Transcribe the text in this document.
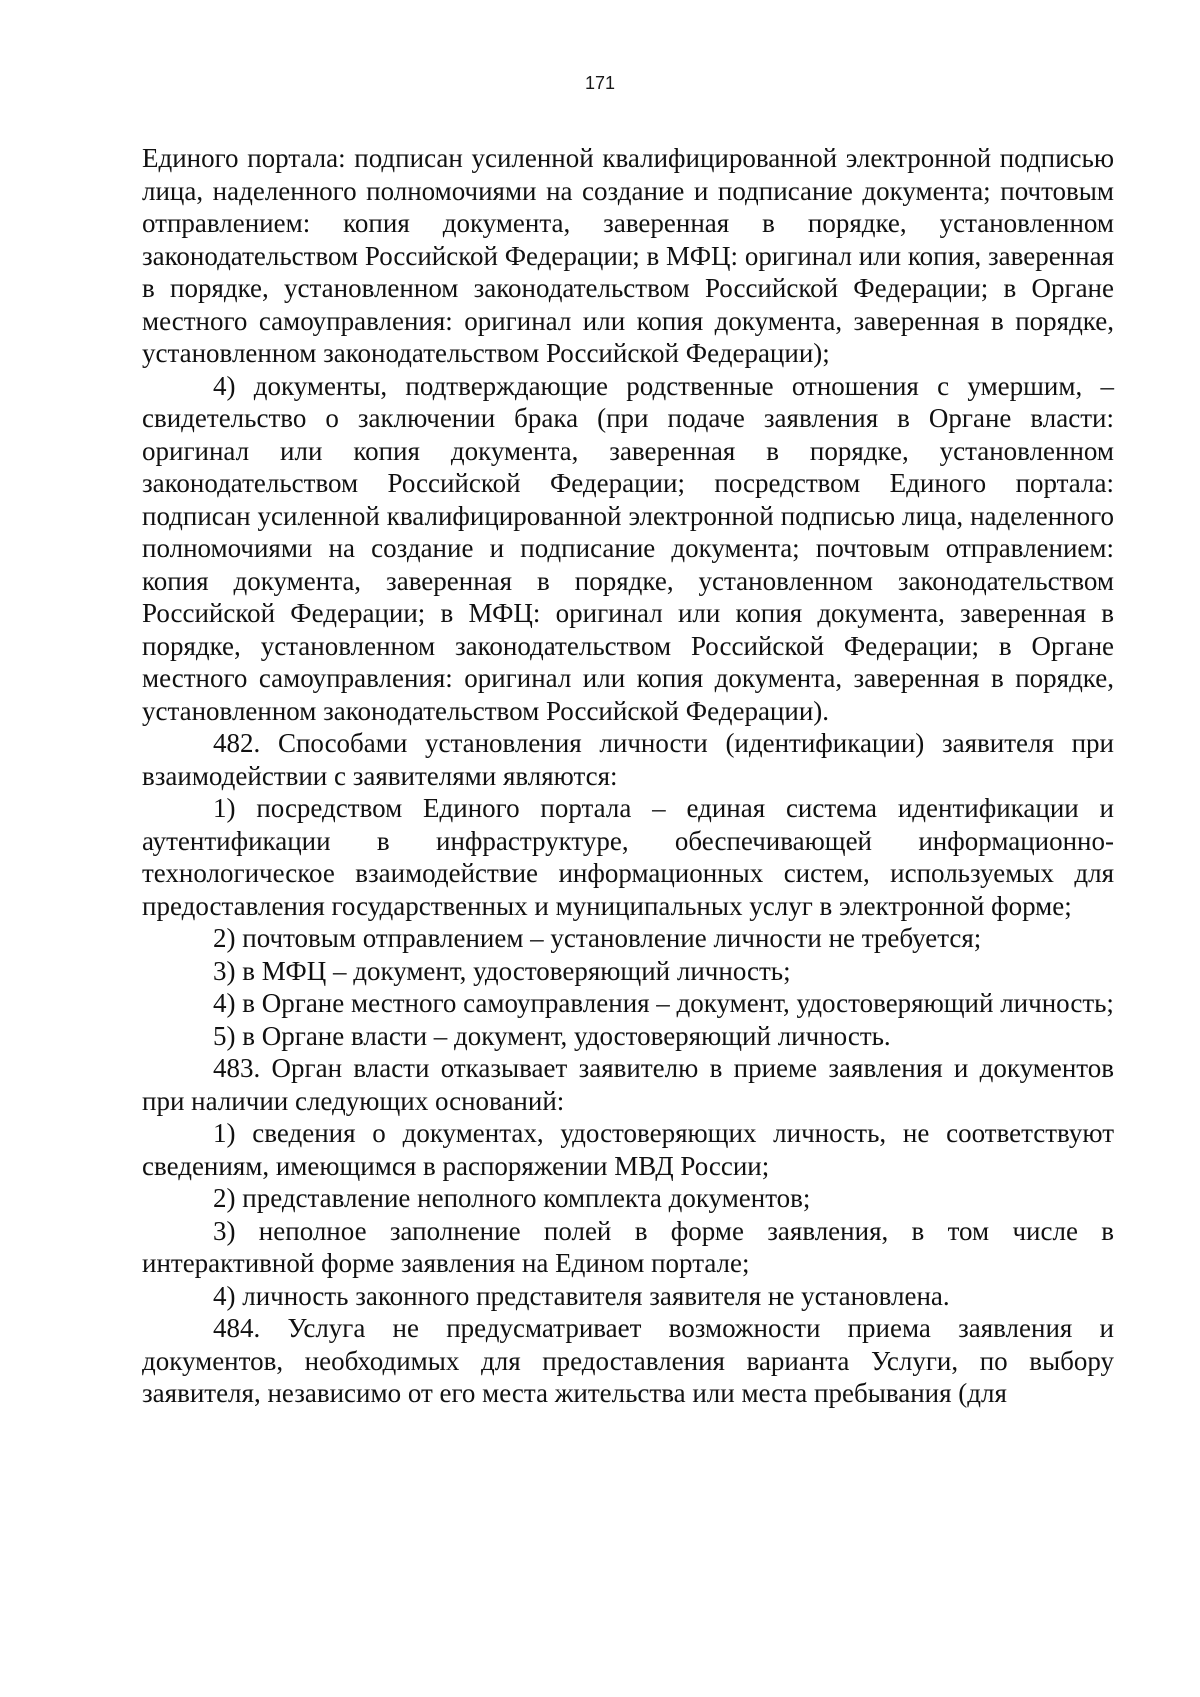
171

Единого портала: подписан усиленной квалифицированной электронной подписью лица, наделенного полномочиями на создание и подписание документа; почтовым отправлением: копия документа, заверенная в порядке, установленном законодательством Российской Федерации; в МФЦ: оригинал или копия, заверенная в порядке, установленном законодательством Российской Федерации; в Органе местного самоуправления: оригинал или копия документа, заверенная в порядке, установленном законодательством Российской Федерации);

4) документы, подтверждающие родственные отношения с умершим, – свидетельство о заключении брака (при подаче заявления в Органе власти: оригинал или копия документа, заверенная в порядке, установленном законодательством Российской Федерации; посредством Единого портала: подписан усиленной квалифицированной электронной подписью лица, наделенного полномочиями на создание и подписание документа; почтовым отправлением: копия документа, заверенная в порядке, установленном законодательством Российской Федерации; в МФЦ: оригинал или копия документа, заверенная в порядке, установленном законодательством Российской Федерации; в Органе местного самоуправления: оригинал или копия документа, заверенная в порядке, установленном законодательством Российской Федерации).

482. Способами установления личности (идентификации) заявителя при взаимодействии с заявителями являются:

1) посредством Единого портала – единая система идентификации и аутентификации в инфраструктуре, обеспечивающей информационно-технологическое взаимодействие информационных систем, используемых для предоставления государственных и муниципальных услуг в электронной форме;

2) почтовым отправлением – установление личности не требуется;

3) в МФЦ – документ, удостоверяющий личность;

4) в Органе местного самоуправления – документ, удостоверяющий личность;

5) в Органе власти – документ, удостоверяющий личность.

483. Орган власти отказывает заявителю в приеме заявления и документов при наличии следующих оснований:

1) сведения о документах, удостоверяющих личность, не соответствуют сведениям, имеющимся в распоряжении МВД России;

2) представление неполного комплекта документов;

3) неполное заполнение полей в форме заявления, в том числе в интерактивной форме заявления на Едином портале;

4) личность законного представителя заявителя не установлена.

484. Услуга не предусматривает возможности приема заявления и документов, необходимых для предоставления варианта Услуги, по выбору заявителя, независимо от его места жительства или места пребывания (для
